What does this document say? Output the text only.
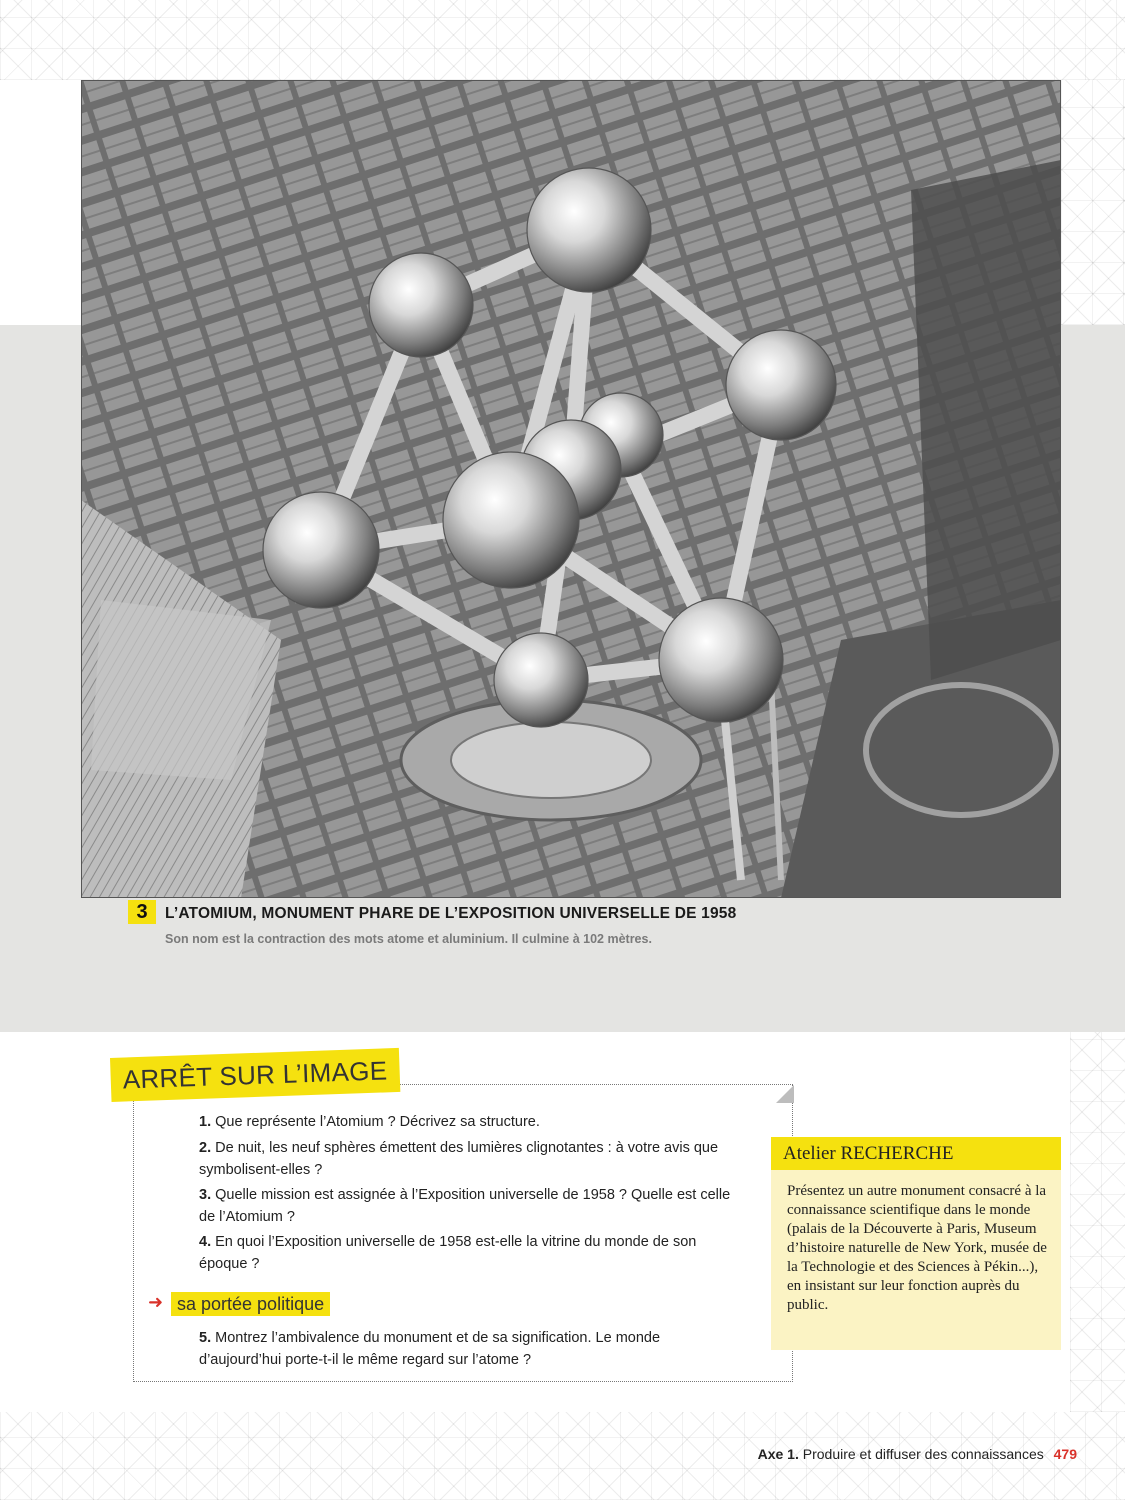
3	L’ATOMIUM, MONUMENT PHARE DE L’EXPOSITION UNIVERSELLE DE 1958
Son nom est la contraction des mots atome et aluminium. Il culmine à 102 mètres.
ARRÊT SUR L’IMAGE
1. Que représente l’Atomium ? Décrivez sa structure.
2. De nuit, les neuf sphères émettent des lumières clignotantes : à votre avis que symbolisent-elles ?
3. Quelle mission est assignée à l’Exposition universelle de 1958 ? Quelle est celle de l’Atomium ?
4. En quoi l’Exposition universelle de 1958 est-elle la vitrine du monde de son époque ?
➜ sa portée politique
5. Montrez l’ambivalence du monument et de sa signification. Le monde d’aujourd’hui porte-t-il le même regard sur l’atome ?
Atelier RECHERCHE
Présentez un autre monument consacré à la connaissance scientifique dans le monde (palais de la Découverte à Paris, Museum d’histoire naturelle de New York, musée de la Technologie et des Sciences à Pékin...), en insistant sur leur fonction auprès du public.
Axe 1. Produire et diffuser des connaissances 479
